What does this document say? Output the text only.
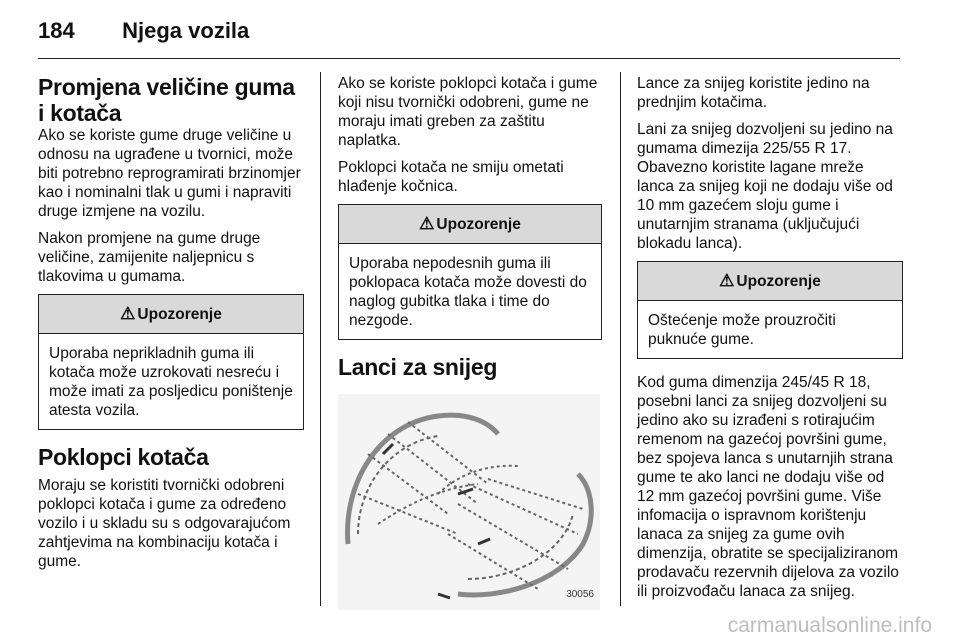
184 Njega vozila
Promjena veličine guma i kotača

Ako se koriste gume druge veličine u odnosu na ugrađene u tvornici, može biti potrebno reprogramirati brzinomjer kao i nominalni tlak u gumi i napraviti druge izmjene na vozilu.

Nakon promjene na gume druge veličine, zamijenite naljepnicu s tlakovima u gumama.

⚠ Upozorenje
Uporaba neprikladnih guma ili kotača može uzrokovati nesreću i može imati za posljedicu poništenje atesta vozila.
Poklopci kotača

Moraju se koristiti tvornički odobreni poklopci kotača i gume za određeno vozilo i u skladu su s odgovarajućom zahtjevima na kombinaciju kotača i gume.

Ako se koriste poklopci kotača i gume koji nisu tvornički odobreni, gume ne moraju imati greben za zaštitu naplatka.

Poklopci kotača ne smiju ometati hlađenje kočnica.

⚠ Upozorenje
Uporaba nepodesnih guma ili poklopaca kotača može dovesti do naglog gubitka tlaka i time do nezgode.
Lanci za snijeg
30056

Lance za snijeg koristite jedino na prednjim kotačima.

Lani za snijeg dozvoljeni su jedino na gumama dimezija 225/55 R 17. Obavezno koristite lagane mreže lanca za snijeg koji ne dodaju više od 10 mm gazećem sloju gume i unutarnjim stranama (uključujući blokadu lanca).

⚠ Upozorenje
Oštećenje može prouzročiti puknuće gume.

Kod guma dimenzija 245/45 R 18, posebni lanci za snijeg dozvoljeni su jedino ako su izrađeni s rotirajućim remenom na gazećoj površini gume, bez spojeva lanca s unutarnjih strana gume te ako lanci ne dodaju više od 12 mm gazećoj površini gume. Više infomacija o ispravnom korištenju lanaca za snijeg za gume ovih dimenzija, obratite se specijaliziranom prodavaču rezervnih dijelova za vozilo ili proizvođaču lanaca za snijeg.

carmanualsonline.info
